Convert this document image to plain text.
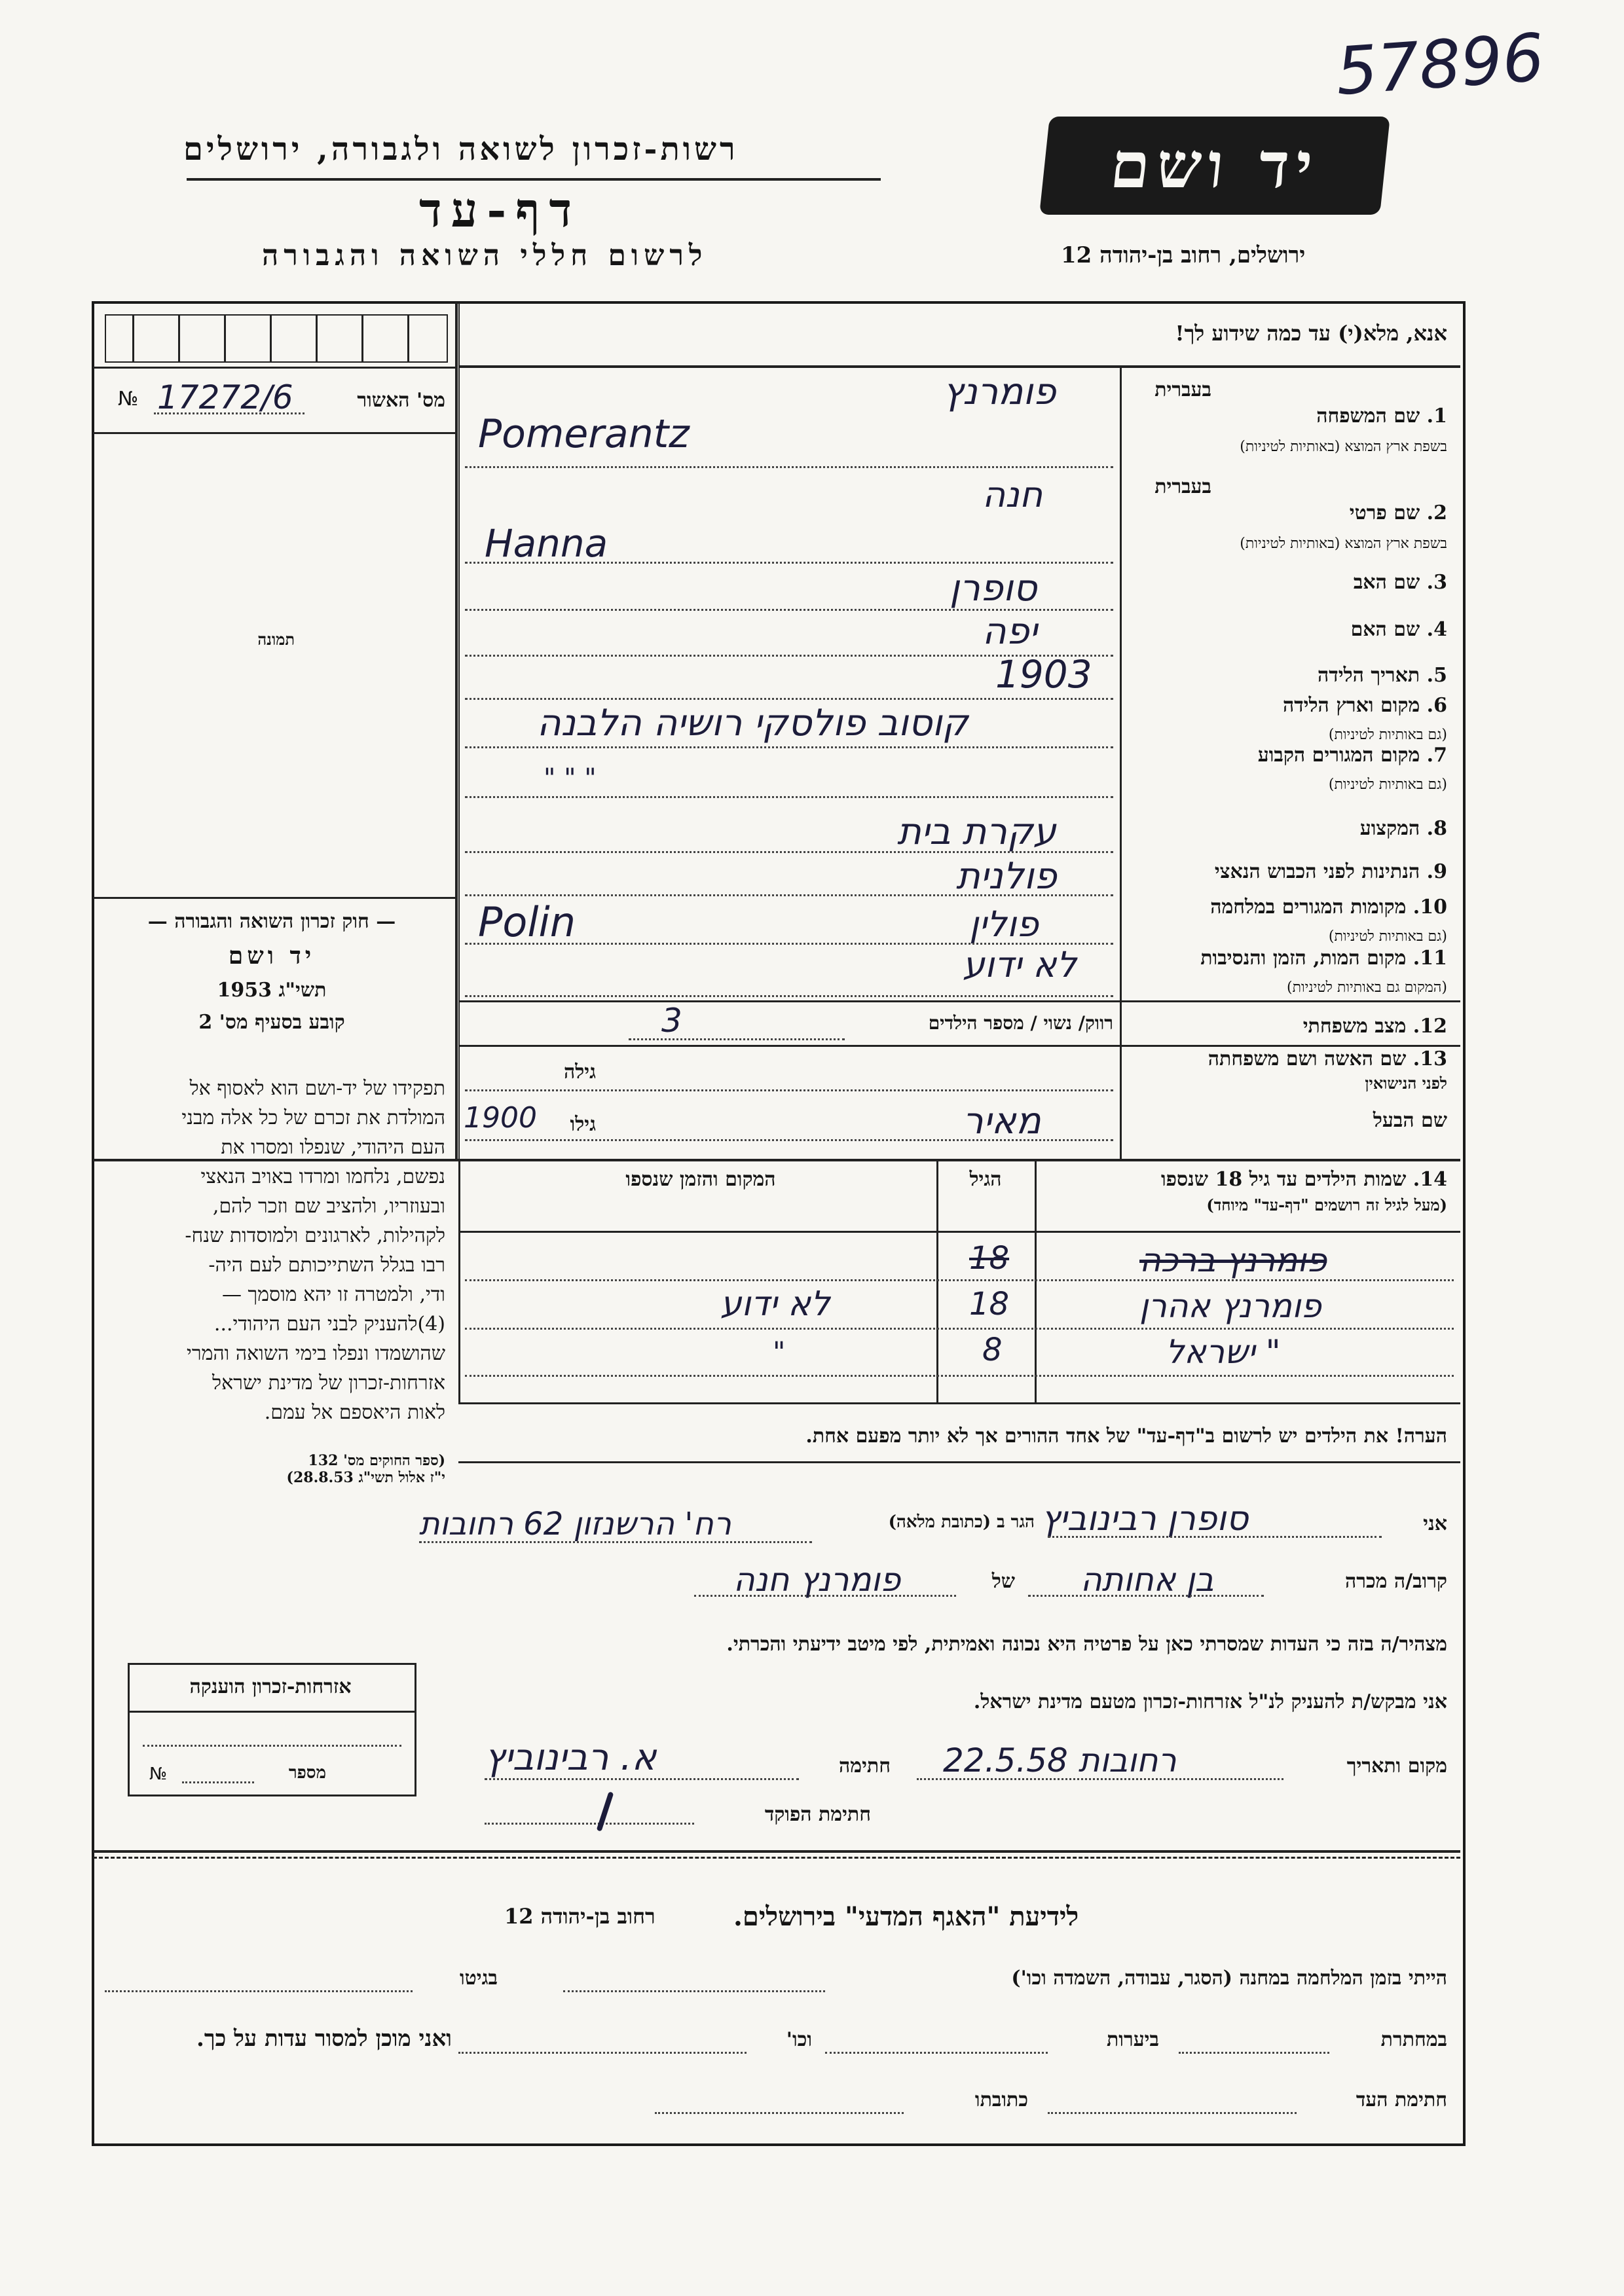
57896
רשות-זכרון לשואה ולגבורה, ירושלים
דף-עד
לרשום חללי השואה והגבורה
יד ושם
ירושלים, רחוב בן-יהודה 12
№ 17272/6	מס' האשור
תמונה
— חוק זכרון השואה והגבורה —
יד ושם
תשי"ג 1953
קובע בסעיף מס' 2
תפקידו של יד-ושם הוא לאסוף אל
המולדת את זכרם של כל אלה מבני
העם היהודי, שנפלו ומסרו את
נפשם, נלחמו ומרדו באויב הנאצי
ובעוזריו, ולהציב שם וזכר להם,
לקהילות, לארגונים ולמוסדות שנח-
רבו בגלל השתייכותם לעם היה-
ודי, ולמטרה זו יהא מוסמך —
(4)להעניק לבני העם היהודי...
שהושמדו ונפלו בימי השואה והמרי
אזרחות-זכרון של מדינת ישראל
לאות היאספם אל עמם.
(ספר החוקים מס' 132
י"ז אלול תשי"ג 28.8.53)
אנא, מלא(י) עד כמה שידוע לך!
בעברית
1. שם המשפחה
בשפת ארץ המוצא (באותיות לטיניות)
פומרנץ
Pomerantz
בעברית
2. שם פרטי
בשפת ארץ המוצא (באותיות לטיניות)
חנה
Hanna
3. שם האב
סופרן
4. שם האם
יפה
5. תאריך הלידה
1903
6. מקום וארץ הלידה
(גם באותיות לטיניות)
קוסוב פולסקי רושיה הלבנה
7. מקום המגורים הקבוע
(גם באותיות לטיניות)
" " "
8. המקצוע
עקרת בית
9. הנתינות לפני הכבוש הנאצי
פולנית
10. מקומות המגורים במלחמה
(גם באותיות לטיניות)
פולין
Polin
11. מקום המות, הזמן והנסיבות
(המקום גם באותיות לטיניות)
לא ידוע
12. מצב משפחתי
רווק/ נשוי / מספר הילדים
3
13. שם האשה ושם משפחתה
לפני הנישואין
גילה
שם הבעל
מאיר
גילו
1900
14. שמות הילדים עד גיל 18 שנספו
(מעל לגיל זה רושמים "דף-עד" מיוחד)
הגיל
המקום והזמן שנספו
פומרנץ ברכה
18
פומרנץ אהרן
18
לא ידוע
" ישראל
8
"
הערה! את הילדים יש לרשום ב"דף-עד" של אחד ההורים אך לא יותר מפעם אחת.
אני
סופרן רבינוביץ
הגר ב (כתובת מלאה)
רח' הרשנזון 62 רחובות
קרוב/ה מכרה
בן אחותה
של
פומרנץ חנה
מצהיר/ה בזה כי העדות שמסרתי כאן על פרטיה היא נכונה ואמיתית, לפי מיטב ידיעתי והכרתי.
אני מבקש/ת להעניק לנ"ל אזרחות-זכרון מטעם מדינת ישראל.
מקום ותאריך
רחובות 22.5.58
חתימה
א. רבינוביץ
חתימת הפוקד
אזרחות-זכרון הוענקה
מספר
№
לידיעת "האגף המדעי" בירושלים.
רחוב בן-יהודה 12
הייתי בזמן המלחמה במחנה (הסגר, עבודה, השמדה וכו')
בגיטו
במחתרת
ביערות
וכו'
ואני מוכן למסור עדות על כך.
חתימת העד
כתובתו
